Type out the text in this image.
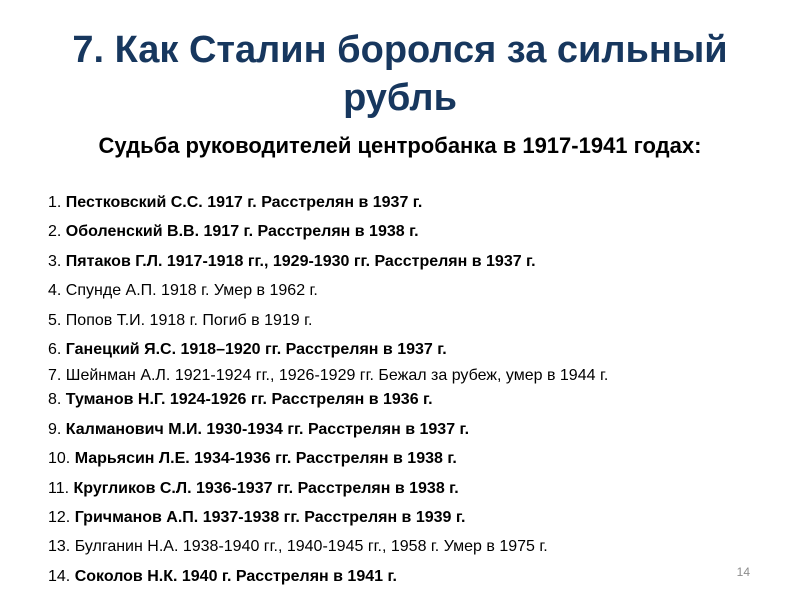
7. Как Сталин боролся за сильный рубль
Судьба руководителей центробанка в 1917-1941 годах:
1. Пестковский С.С. 1917 г. Расстрелян в 1937 г.
2. Оболенский В.В. 1917 г. Расстрелян в 1938 г.
3. Пятаков Г.Л. 1917-1918 гг., 1929-1930 гг. Расстрелян в 1937 г.
4. Спунде А.П. 1918 г. Умер в 1962 г.
5. Попов Т.И. 1918 г. Погиб в 1919 г.
6. Ганецкий Я.С. 1918–1920 гг. Расстрелян в 1937 г.
7. Шейнман А.Л. 1921-1924 гг., 1926-1929 гг. Бежал за рубеж, умер в 1944 г.
8. Туманов Н.Г. 1924-1926 гг. Расстрелян в 1936 г.
9. Калманович М.И. 1930-1934 гг. Расстрелян в 1937 г.
10. Марьясин Л.Е. 1934-1936 гг. Расстрелян в 1938 г.
11. Кругликов С.Л. 1936-1937 гг. Расстрелян в 1938 г.
12. Гричманов А.П. 1937-1938 гг. Расстрелян в 1939 г.
13. Булганин Н.А. 1938-1940 гг., 1940-1945 гг., 1958 г. Умер в 1975 г.
14. Соколов Н.К. 1940 г. Расстрелян в 1941 г.	14
